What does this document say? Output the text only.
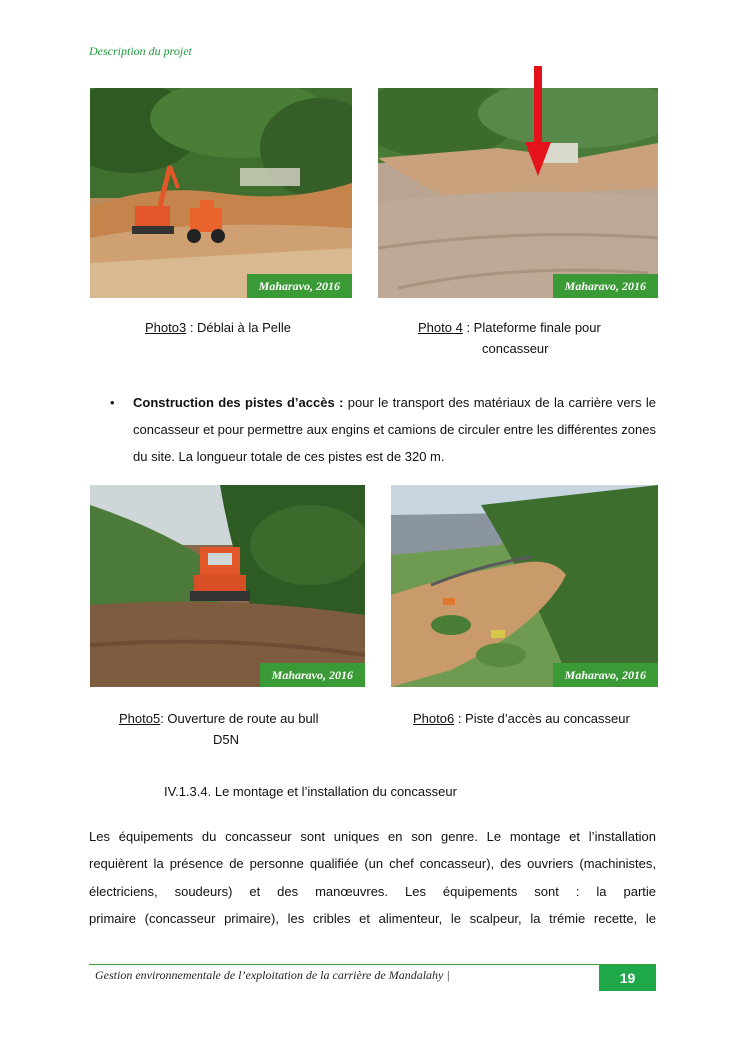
Description du projet
Maharavo, 2016	Maharavo, 2016
Photo3 : Déblai à la Pelle	Photo 4 : Plateforme finale pour
concasseur
• Construction des pistes d’accès : pour le transport des matériaux de la carrière vers le concasseur et pour permettre aux engins et camions de circuler entre les différentes zones du site. La longueur totale de ces pistes est de 320 m.
Maharavo, 2016	Maharavo, 2016
Photo5: Ouverture de route au bull
D5N
Photo6 : Piste d’accès au concasseur
IV.1.3.4. Le montage et l’installation du concasseur
Les équipements du concasseur sont uniques en son genre. Le montage et l’installation
requièrent la présence de personne qualifiée (un chef concasseur), des ouvriers (machinistes,
électriciens, soudeurs) et des manœuvres. Les équipements sont : la partie
primaire (concasseur primaire), les cribles et alimenteur, le scalpeur, la trémie recette, le
Gestion environnementale de l’exploitation de la carrière de Mandalahy |	19
